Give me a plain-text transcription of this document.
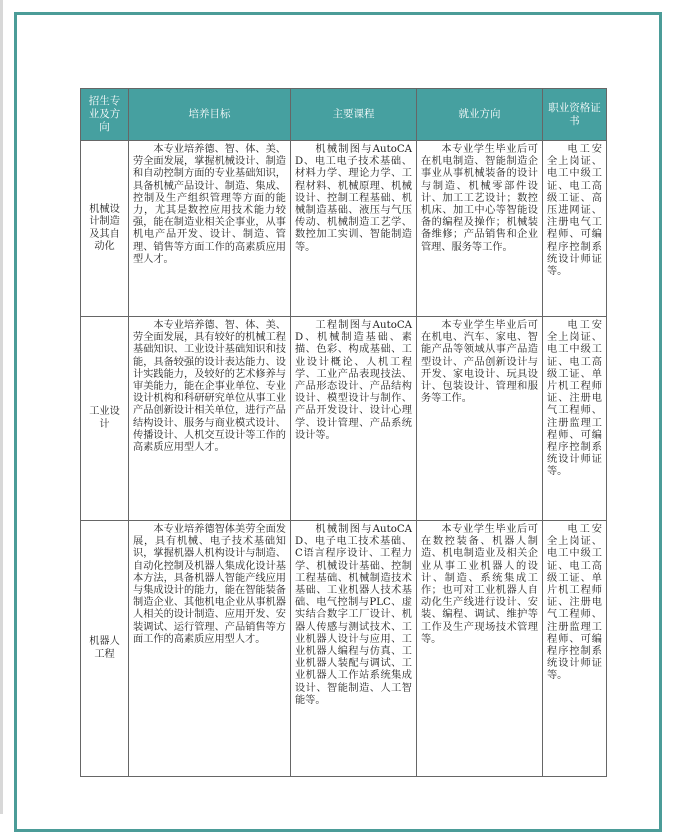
招生专业及方向	培养目标	主要课程	就业方向	职业资格证书
机械设计制造及其自动化	本专业培养德、智、体、美、劳全面发展，掌握机械设计、制造和自动控制方面的专业基础知识，具备机械产品设计、制造、集成、控制及生产组织管理等方面的能力，尤其是数控应用技术能力较强，能在制造业相关企事业，从事机电产品开发、设计、制造、管理、销售等方面工作的高素质应用型人才。	机械制图与AutoCAD、电工电子技术基础、材料力学、理论力学、工程材料、机械原理、机械设计、控制工程基础、机械制造基础、液压与气压传动、机械制造工艺学、数控加工实训、智能制造等。	本专业学生毕业后可在机电制造、智能制造企事业从事机械装备的设计与制造、机械零部件设计、加工工艺设计；数控机床、加工中心等智能设备的编程及操作；机械装备维修；产品销售和企业管理、服务等工作。	电工安全上岗证、电工中级工证、电工高级工证、高压进网证、注册电气工程师、可编程序控制系统设计师证等。

工业设计	本专业培养德、智、体、美、劳全面发展，具有较好的机械工程基础知识、工业设计基础知识和技能，具备较强的设计表达能力、设计实践能力，及较好的艺术修养与审美能力，能在企事业单位、专业设计机构和科研研究单位从事工业产品创新设计相关单位，进行产品结构设计、服务与商业模式设计、传播设计、人机交互设计等工作的高素质应用型人才。	工程制图与AutoCAD、机械制造基础、素描、色彩、构成基础、工业设计概论、人机工程学、工业产品表现技法、产品形态设计、产品结构设计、模型设计与制作、产品开发设计、设计心理学、设计管理、产品系统设计等。	本专业学生毕业后可在机电、汽车、家电、智能产品等领域从事产品造型设计、产品创新设计与开发、家电设计、玩具设计、包装设计、管理和服务等工作。	电工安全上岗证、电工中级工证、电工高级工证、单片机工程师证、注册电气工程师、注册监理工程师、可编程序控制系统设计师证等。

机器人工程	本专业培养德智体美劳全面发展，具有机械、电子技术基础知识，掌握机器人机构设计与制造、自动化控制及机器人集成化设计基本方法，具备机器人智能产线应用与集成设计的能力，能在智能装备制造企业、其他机电企业从事机器人相关的设计制造、应用开发、安装调试、运行管理、产品销售等方面工作的高素质应用型人才。	机械制图与AutoCAD、电子电工技术基础、C语言程序设计、工程力学、机械设计基础、控制工程基础、机械制造技术基础、工业机器人技术基础、电气控制与PLC、虚实结合数字工厂设计、机器人传感与测试技术、工业机器人设计与应用、工业机器人编程与仿真、工业机器人装配与调试、工业机器人工作站系统集成设计、智能制造、人工智能等。	本专业学生毕业后可在数控装备、机器人制造、机电制造业及相关企业从事工业机器人的设计、制造、系统集成工作；也可对工业机器人自动化生产线进行设计、安装、编程、调试、维护等工作及生产现场技术管理等。	电工安全上岗证、电工中级工证、电工高级工证、单片机工程师证、注册电气工程师、注册监理工程师、可编程序控制系统设计师证等。
